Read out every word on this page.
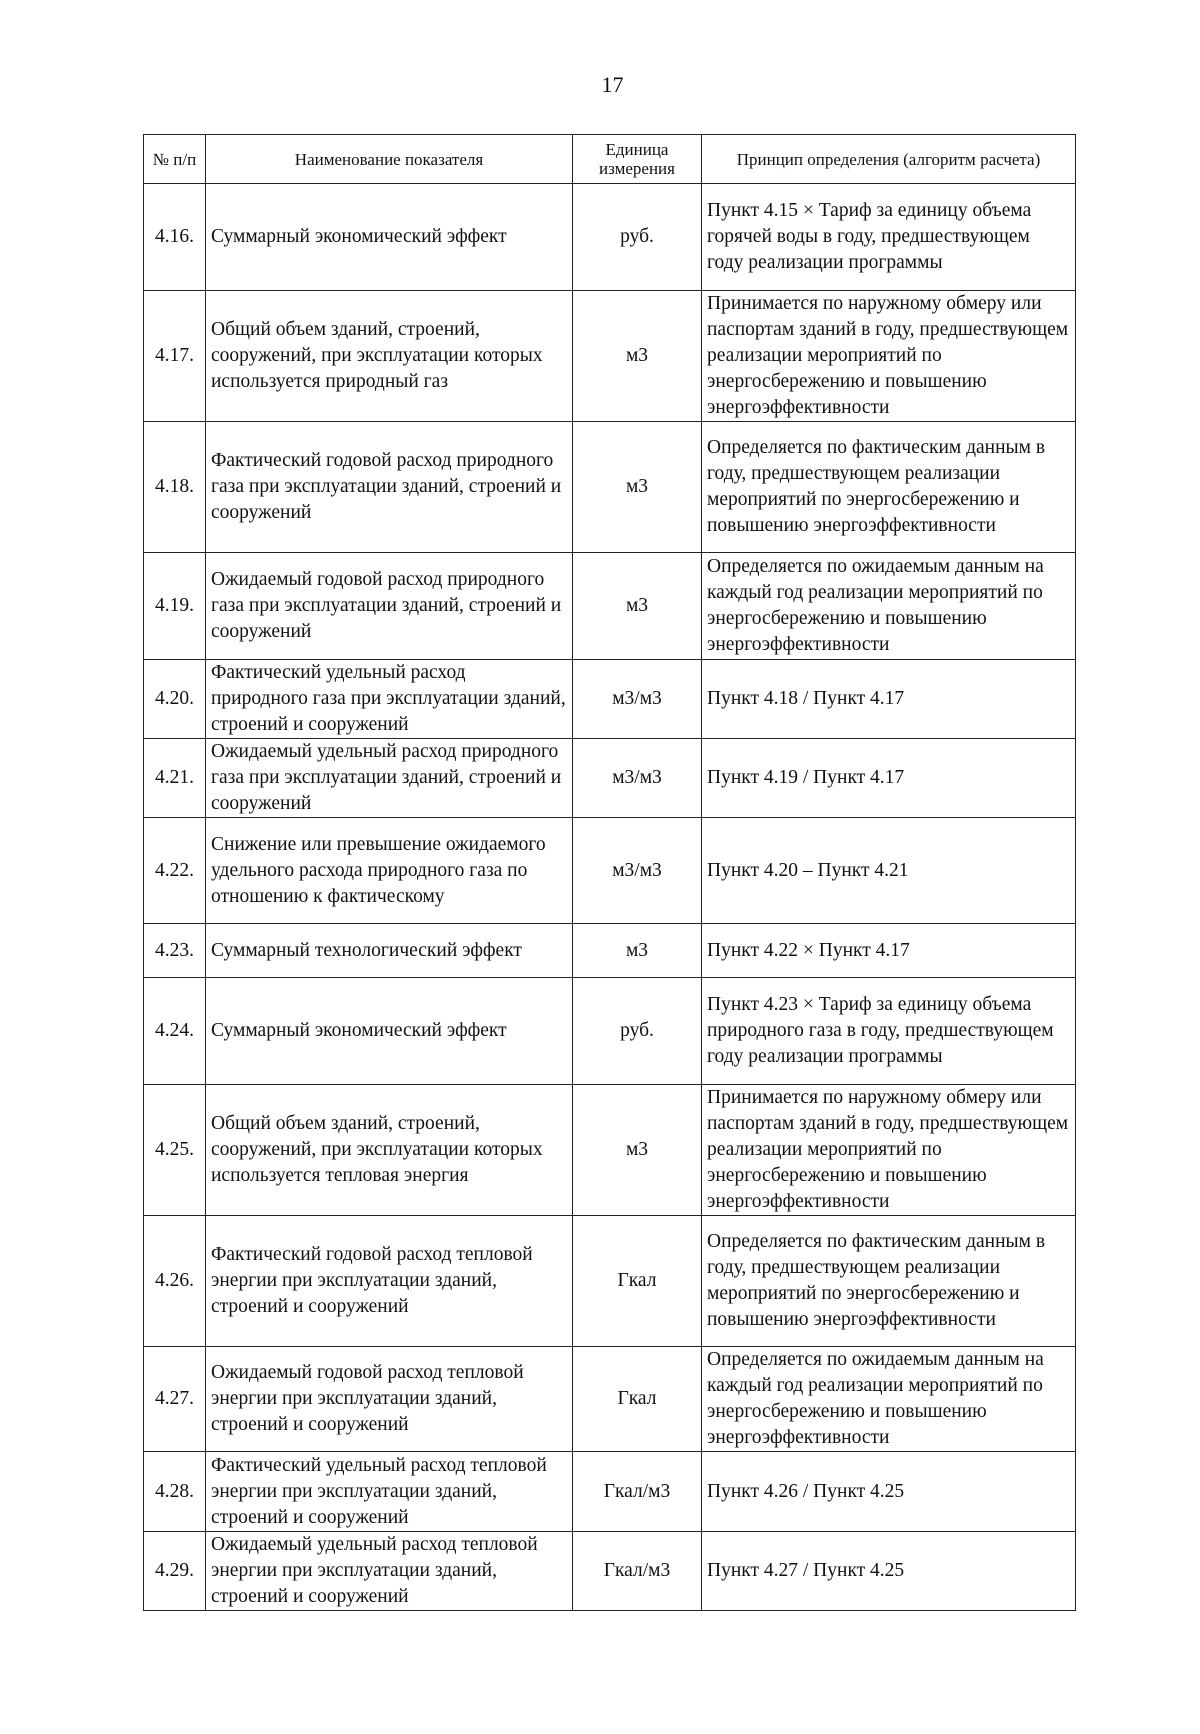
17
№ п/п	Наименование показателя	Единица измерения	Принцип определения (алгоритм расчета)
4.16.	Суммарный экономический эффект	руб.	Пункт 4.15 × Тариф за единицу объема горячей воды в году, предшествующем году реализации программы
4.17.	Общий объем зданий, строений, сооружений, при эксплуатации которых используется природный газ	м3	Принимается по наружному обмеру или паспортам зданий в году, предшествующем реализации мероприятий по энергосбережению и повышению энергоэффективности
4.18.	Фактический годовой расход природного газа при эксплуатации зданий, строений и сооружений	м3	Определяется по фактическим данным в году, предшествующем реализации мероприятий по энергосбережению и повышению энергоэффективности
4.19.	Ожидаемый годовой расход природного газа при эксплуатации зданий, строений и сооружений	м3	Определяется по ожидаемым данным на каждый год реализации мероприятий по энергосбережению и повышению энергоэффективности
4.20.	Фактический удельный расход природного газа при эксплуатации зданий, строений и сооружений	м3/м3	Пункт 4.18 / Пункт 4.17
4.21.	Ожидаемый удельный расход природного газа при эксплуатации зданий, строений и сооружений	м3/м3	Пункт 4.19 / Пункт 4.17
4.22.	Снижение или превышение ожидаемого удельного расхода природного газа по отношению к фактическому	м3/м3	Пункт 4.20 – Пункт 4.21
4.23.	Суммарный технологический эффект	м3	Пункт 4.22 × Пункт 4.17
4.24.	Суммарный экономический эффект	руб.	Пункт 4.23 × Тариф за единицу объема природного газа в году, предшествующем году реализации программы
4.25.	Общий объем зданий, строений, сооружений, при эксплуатации которых используется тепловая энергия	м3	Принимается по наружному обмеру или паспортам зданий в году, предшествующем реализации мероприятий по энергосбережению и повышению энергоэффективности
4.26.	Фактический годовой расход тепловой энергии при эксплуатации зданий, строений и сооружений	Гкал	Определяется по фактическим данным в году, предшествующем реализации мероприятий по энергосбережению и повышению энергоэффективности
4.27.	Ожидаемый годовой расход тепловой энергии при эксплуатации зданий, строений и сооружений	Гкал	Определяется по ожидаемым данным на каждый год реализации мероприятий по энергосбережению и повышению энергоэффективности
4.28.	Фактический удельный расход тепловой энергии при эксплуатации зданий, строений и сооружений	Гкал/м3	Пункт 4.26 / Пункт 4.25
4.29.	Ожидаемый удельный расход тепловой энергии при эксплуатации зданий, строений и сооружений	Гкал/м3	Пункт 4.27 / Пункт 4.25
